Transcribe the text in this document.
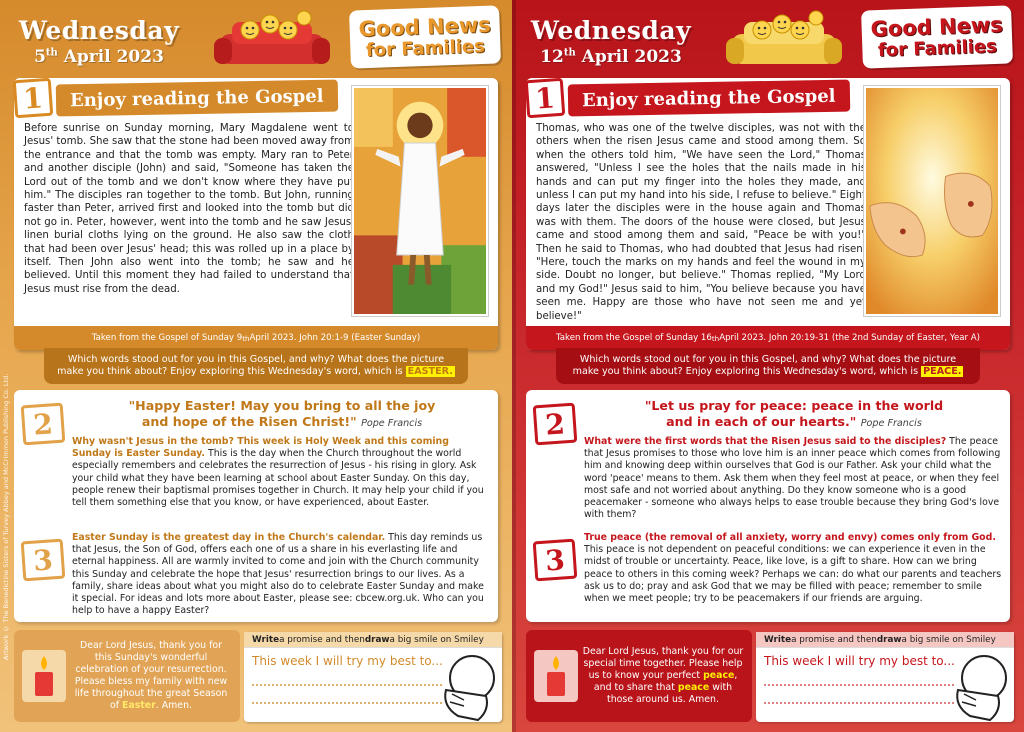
Artwork © The Benedictine Sisters of Turvey Abbey and McCrimmon Publishing Co. Ltd.
Wednesday
5th April 2023
Good News
for Families
1	Enjoy reading the Gospel
Before sunrise on Sunday morning, Mary Magdalene went to Jesus' tomb. She saw that the stone had been moved away from the entrance and that the tomb was empty. Mary ran to Peter and another disciple (John) and said, "Someone has taken the Lord out of the tomb and we don't know where they have put him." The disciples ran together to the tomb. But John, running faster than Peter, arrived first and looked into the tomb but did not go in. Peter, however, went into the tomb and he saw Jesus' linen burial cloths lying on the ground. He also saw the cloth that had been over Jesus' head; this was rolled up in a place by itself. Then John also went into the tomb; he saw and he believed. Until this moment they had failed to understand that Jesus must rise from the dead.
Taken from the Gospel of Sunday 9 th April 2023. John 20:1-9 (Easter Sunday)
Which words stood out for you in this Gospel, and why? What does the picture make you think about? Enjoy exploring this Wednesday's word, which is EASTER.
2
"Happy Easter! May you bring to all the joy
and hope of the Risen Christ!" Pope Francis
Why wasn't Jesus in the tomb? This week is Holy Week and this coming Sunday is Easter Sunday. This is the day when the Church throughout the world especially remembers and celebrates the resurrection of Jesus - his rising in glory. Ask your child what they have been learning at school about Easter Sunday. On this day, people renew their baptismal promises together in Church. It may help your child if you tell them something else that you know, or have experienced, about Easter.
3
Easter Sunday is the greatest day in the Church's calendar. This day reminds us that Jesus, the Son of God, offers each one of us a share in his everlasting life and eternal happiness. All are warmly invited to come and join with the Church community this Sunday and celebrate the hope that Jesus' resurrection brings to our lives. As a family, share ideas about what you might also do to celebrate Easter Sunday and make it special. For ideas and lots more about Easter, please see: cbcew.org.uk. Who can you help to have a happy Easter?
Dear Lord Jesus, thank you for this Sunday's wonderful celebration of your resurrection. Please bless my family with new life throughout the great Season of Easter. Amen.
Write a promise and then draw a big smile on Smiley
This week I will try my best to...
Wednesday
12th April 2023
Good News
for Families
1	Enjoy reading the Gospel
Thomas, who was one of the twelve disciples, was not with the others when the risen Jesus came and stood among them. So when the others told him, "We have seen the Lord," Thomas answered, "Unless I see the holes that the nails made in his hands and can put my finger into the holes they made, and unless I can put my hand into his side, I refuse to believe." Eight days later the disciples were in the house again and Thomas was with them. The doors of the house were closed, but Jesus came and stood among them and said, "Peace be with you!" Then he said to Thomas, who had doubted that Jesus had risen, "Here, touch the marks on my hands and feel the wound in my side. Doubt no longer, but believe." Thomas replied, "My Lord and my God!" Jesus said to him, "You believe because you have seen me. Happy are those who have not seen me and yet believe!"
Taken from the Gospel of Sunday 16 th April 2023. John 20:19-31 (the 2nd Sunday of Easter, Year A)
Which words stood out for you in this Gospel, and why? What does the picture make you think about? Enjoy exploring this Wednesday's word, which is PEACE.
2
"Let us pray for peace: peace in the world
and in each of our hearts." Pope Francis
What were the first words that the Risen Jesus said to the disciples? The peace that Jesus promises to those who love him is an inner peace which comes from following him and knowing deep within ourselves that God is our Father. Ask your child what the word 'peace' means to them. Ask them when they feel most at peace, or when they feel most safe and not worried about anything. Do they know someone who is a good peacemaker - someone who always helps to ease trouble because they bring God's love with them?
3
True peace (the removal of all anxiety, worry and envy) comes only from God. This peace is not dependent on peaceful conditions: we can experience it even in the midst of trouble or uncertainty. Peace, like love, is a gift to share. How can we bring peace to others in this coming week? Perhaps we can: do what our parents and teachers ask us to do; pray and ask God that we may be filled with peace; remember to smile when we meet people; try to be peacemakers if our friends are arguing.
Dear Lord Jesus, thank you for our special time together. Please help us to know your perfect peace, and to share that peace with those around us. Amen.
Write a promise and then draw a big smile on Smiley
This week I will try my best to...
